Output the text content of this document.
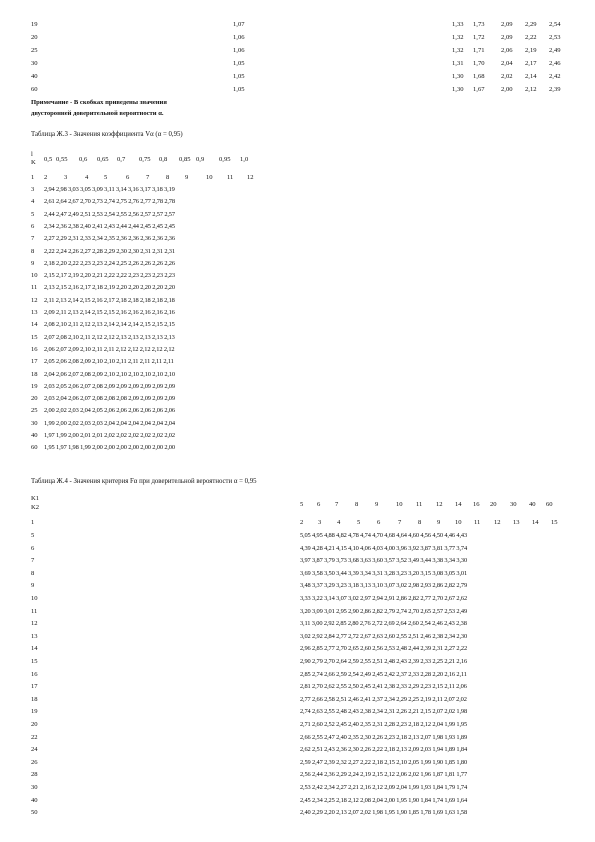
19	1,07	1,33 1,73 2,09 2,29 2,54
20	1,06	1,32 1,72 2,09 2,22 2,53
25	1,06	1,32 1,71 2,06 2,19 2,49
30	1,05	1,31 1,70 2,04 2,17 2,46
40	1,05	1,30 1,68 2,02 2,14 2,42
60	1,05	1,30 1,67 2,00 2,12 2,39
Примечание - В скобках приведены значения
двусторонней доверительной вероятности α.
Таблица Ж.3 - Значения коэффициента Vα (α = 0,95)
l
K 0,5 0,55 0,6 0,65 0,7 0,75 0,8 0,85 0,9 0,95 1,0
1 2	3	4 5	6	7	8 9	10 11 12
3 2,94 2,98 3,03 3,05 3,09 3,11 3,14 3,16 3,17 3,18 3,19
4 2,61 2,64 2,67 2,70 2,73 2,74 2,75 2,76 2,77 2,78 2,78
5 2,44 2,47 2,49 2,51 2,53 2,54 2,55 2,56 2,57 2,57 2,57
6 2,34 2,36 2,38 2,40 2,41 2,43 2,44 2,44 2,45 2,45 2,45
7 2,27 2,29 2,31 2,33 2,34 2,35 2,36 2,36 2,36 2,36 2,36
8 2,22 2,24 2,26 2,27 2,28 2,29 2,30 2,30 2,31 2,31 2,31
9 2,18 2,20 2,22 2,23 2,23 2,24 2,25 2,26 2,26 2,26 2,26
10 2,15 2,17 2,19 2,20 2,21 2,22 2,22 2,23 2,23 2,23 2,23
11 2,13 2,15 2,16 2,17 2,18 2,19 2,20 2,20 2,20 2,20 2,20
12 2,11 2,13 2,14 2,15 2,16 2,17 2,18 2,18 2,18 2,18 2,18
13 2,09 2,11 2,13 2,14 2,15 2,15 2,16 2,16 2,16 2,16 2,16
14 2,08 2,10 2,11 2,12 2,13 2,14 2,14 2,14 2,15 2,15 2,15
15 2,07 2,08 2,10 2,11 2,12 2,12 2,13 2,13 2,13 2,13 2,13
16 2,06 2,07 2,09 2,10 2,11 2,11 2,12 2,12 2,12 2,12 2,12
17 2,05 2,06 2,08 2,09 2,10 2,10 2,11 2,11 2,11 2,11 2,11
18 2,04 2,06 2,07 2,08 2,09 2,10 2,10 2,10 2,10 2,10 2,10
19 2,03 2,05 2,06 2,07 2,08 2,09 2,09 2,09 2,09 2,09 2,09
20 2,03 2,04 2,06 2,07 2,08 2,08 2,08 2,09 2,09 2,09 2,09
25 2,00 2,02 2,03 2,04 2,05 2,06 2,06 2,06 2,06 2,06 2,06
30 1,99 2,00 2,02 2,03 2,03 2,04 2,04 2,04 2,04 2,04 2,04
40 1,97 1,99 2,00 2,01 2,01 2,02 2,02 2,02 2,02 2,02 2,02
60 1,95 1,97 1,98 1,99 2,00 2,00 2,00 2,00 2,00 2,00 2,00
Таблица Ж.4 - Значения критерия Fα при доверительной вероятности α = 0,95
K1
K2	5 6 7	8	9	10 11 12 14 16 20 30 40 60
1	2 3 4	5	6	7	8 9 10 11 12 13 14 15
5	5,05 4,95 4,88 4,82 4,78 4,74 4,70 4,68 4,64 4,60 4,56 4,50 4,46 4,43
6	4,39 4,28 4,21 4,15 4,10 4,06 4,03 4,00 3,96 3,92 3,87 3,81 3,77 3,74
7	3,97 3,87 3,79 3,73 3,68 3,63 3,60 3,57 3,52 3,49 3,44 3,38 3,34 3,30
8	3,69 3,58 3,50 3,44 3,39 3,34 3,31 3,28 3,23 3,20 3,15 3,08 3,05 3,01
9	3,48 3,37 3,29 3,23 3,18 3,13 3,10 3,07 3,02 2,98 2,93 2,86 2,82 2,79
10	3,33 3,22 3,14 3,07 3,02 2,97 2,94 2,91 2,86 2,82 2,77 2,70 2,67 2,62
11	3,20 3,09 3,01 2,95 2,90 2,86 2,82 2,79 2,74 2,70 2,65 2,57 2,53 2,49
12	3,11 3,00 2,92 2,85 2,80 2,76 2,72 2,69 2,64 2,60 2,54 2,46 2,43 2,38
13	3,02 2,92 2,84 2,77 2,72 2,67 2,63 2,60 2,55 2,51 2,46 2,38 2,34 2,30
14	2,96 2,85 2,77 2,70 2,65 2,60 2,56 2,53 2,48 2,44 2,39 2,31 2,27 2,22
15	2,90 2,79 2,70 2,64 2,59 2,55 2,51 2,48 2,43 2,39 2,33 2,25 2,21 2,16
16	2,85 2,74 2,66 2,59 2,54 2,49 2,45 2,42 2,37 2,33 2,28 2,20 2,16 2,11
17	2,81 2,70 2,62 2,55 2,50 2,45 2,41 2,38 2,33 2,29 2,23 2,15 2,11 2,06
18	2,77 2,66 2,58 2,51 2,46 2,41 2,37 2,34 2,29 2,25 2,19 2,11 2,07 2,02
19	2,74 2,63 2,55 2,48 2,43 2,38 2,34 2,31 2,26 2,21 2,15 2,07 2,02 1,98
20	2,71 2,60 2,52 2,45 2,40 2,35 2,31 2,28 2,23 2,18 2,12 2,04 1,99 1,95
22	2,66 2,55 2,47 2,40 2,35 2,30 2,26 2,23 2,18 2,13 2,07 1,98 1,93 1,89
24	2,62 2,51 2,43 2,36 2,30 2,26 2,22 2,18 2,13 2,09 2,03 1,94 1,89 1,84
26	2,59 2,47 2,39 2,32 2,27 2,22 2,18 2,15 2,10 2,05 1,99 1,90 1,85 1,80
28	2,56 2,44 2,36 2,29 2,24 2,19 2,15 2,12 2,06 2,02 1,96 1,87 1,81 1,77
30	2,53 2,42 2,34 2,27 2,21 2,16 2,12 2,09 2,04 1,99 1,93 1,84 1,79 1,74
40	2,45 2,34 2,25 2,18 2,12 2,08 2,04 2,00 1,95 1,90 1,84 1,74 1,69 1,64
50	2,40 2,29 2,20 2,13 2,07 2,02 1,98 1,95 1,90 1,85 1,78 1,69 1,63 1,58
